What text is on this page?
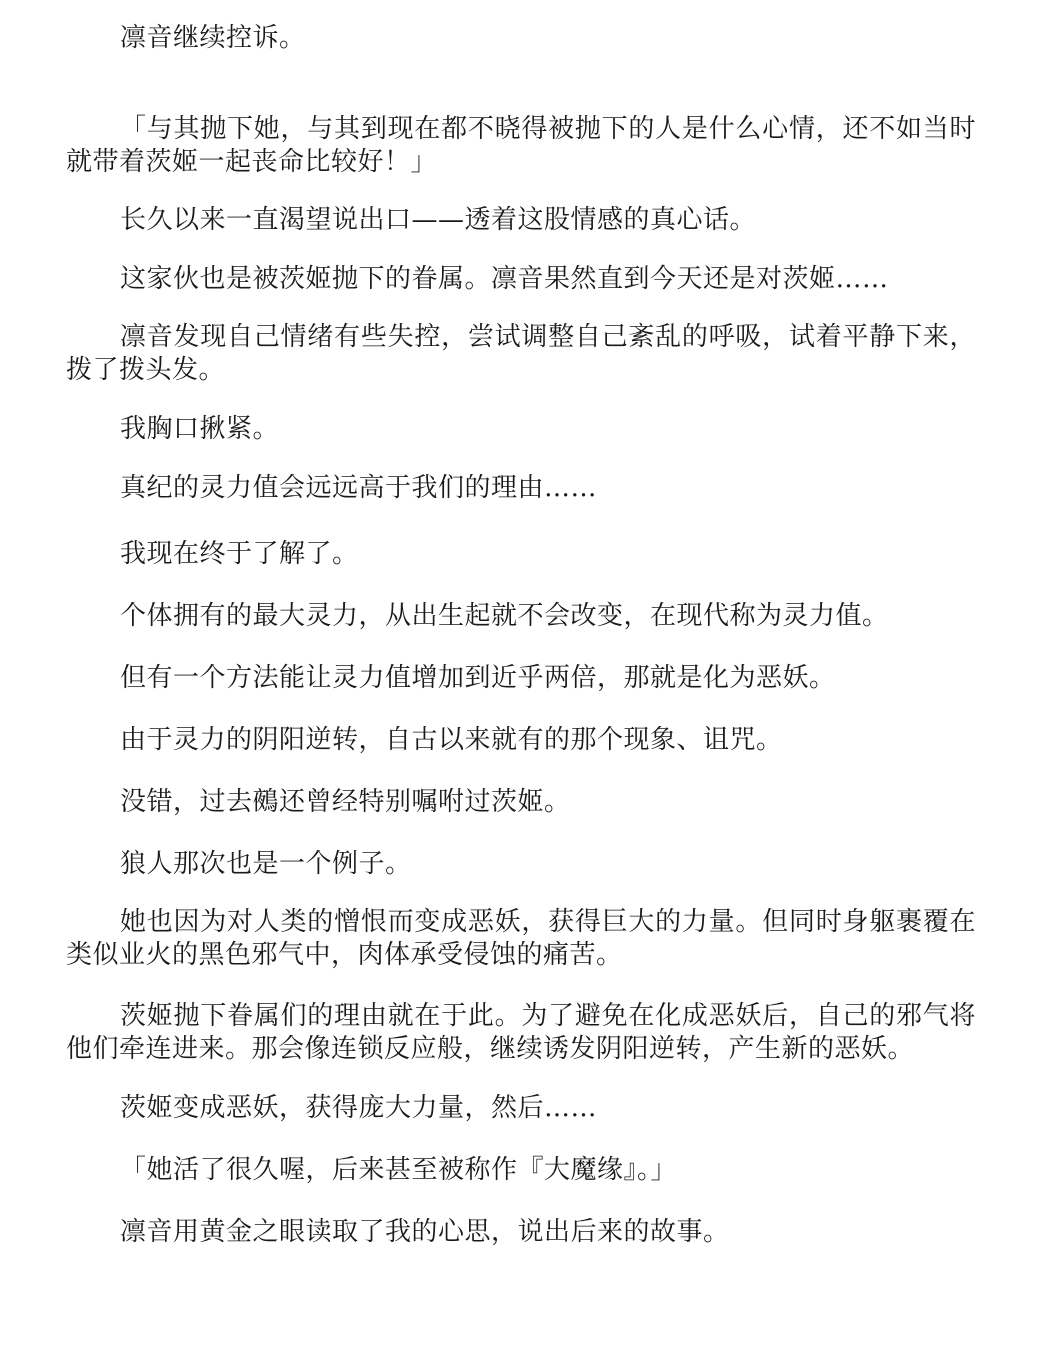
凛音继续控诉。

「与其抛下她，与其到现在都不晓得被抛下的人是什么心情，还不如当时就带着茨姬一起丧命比较好！」

长久以来一直渴望说出口——透着这股情感的真心话。

这家伙也是被茨姬抛下的眷属。凛音果然直到今天还是对茨姬……

凛音发现自己情绪有些失控，尝试调整自己紊乱的呼吸，试着平静下来，拨了拨头发。

我胸口揪紧。

真纪的灵力值会远远高于我们的理由……

我现在终于了解了。

个体拥有的最大灵力，从出生起就不会改变，在现代称为灵力值。

但有一个方法能让灵力值增加到近乎两倍，那就是化为恶妖。

由于灵力的阴阳逆转，自古以来就有的那个现象、诅咒。

没错，过去鵺还曾经特别嘱咐过茨姬。

狼人那次也是一个例子。

她也因为对人类的憎恨而变成恶妖，获得巨大的力量。但同时身躯裹覆在类似业火的黑色邪气中，肉体承受侵蚀的痛苦。

茨姬抛下眷属们的理由就在于此。为了避免在化成恶妖后，自己的邪气将他们牵连进来。那会像连锁反应般，继续诱发阴阳逆转，产生新的恶妖。

茨姬变成恶妖，获得庞大力量，然后……

「她活了很久喔，后来甚至被称作『大魔缘』。」

凛音用黄金之眼读取了我的心思，说出后来的故事。
